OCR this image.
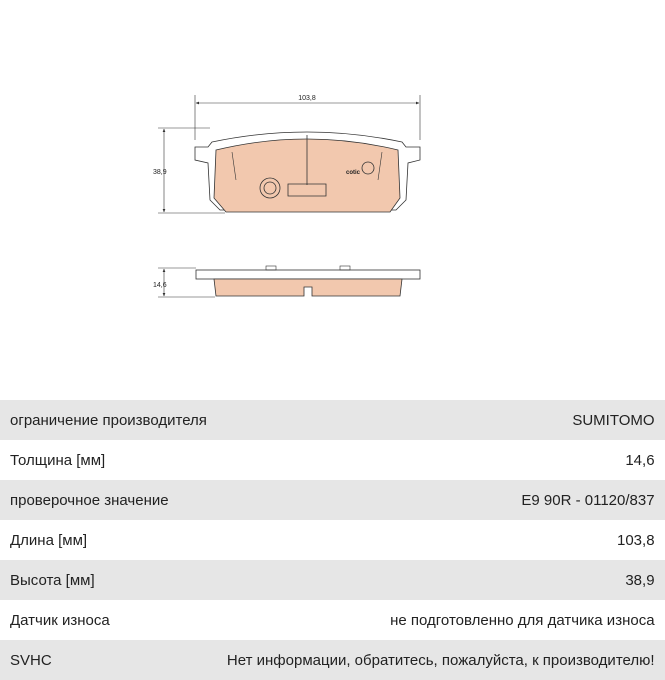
103,8
38,9	cotic
14,6
ограничение производителя	SUMITOMO
Толщина [мм]	14,6
проверочное значение	E9 90R - 01120/837
Длина [мм]	103,8
Высота [мм]	38,9
Датчик износа	не подготовленно для датчика износа
SVHC	Нет информации, обратитесь, пожалуйста, к производителю!
